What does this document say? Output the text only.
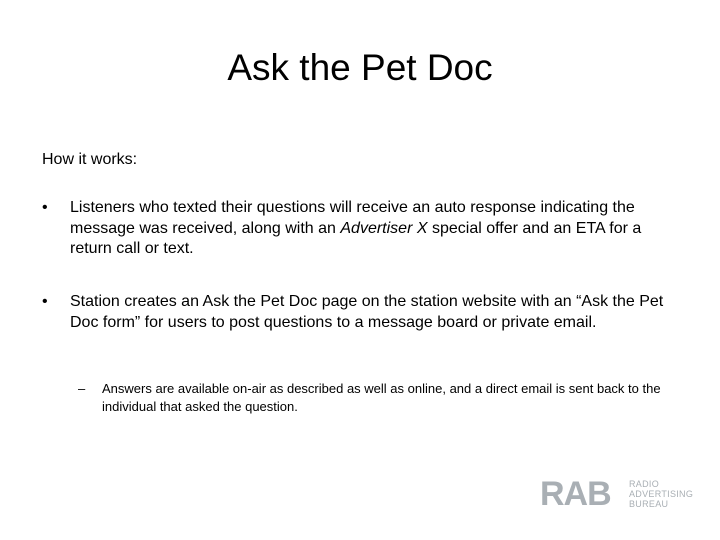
Ask the Pet Doc
How it works:
•	Listeners who texted their questions will receive an auto response indicating the message was received, along with an Advertiser X special offer and an ETA for a return call or text.
•	Station creates an Ask the Pet Doc page on the station website with an “Ask the Pet Doc form” for users to post questions to a message board or private email.
– Answers are available on-air as described as well as online, and a direct email is sent back to the individual that asked the question.
RAB RADIO
ADVERTISING
BUREAU
